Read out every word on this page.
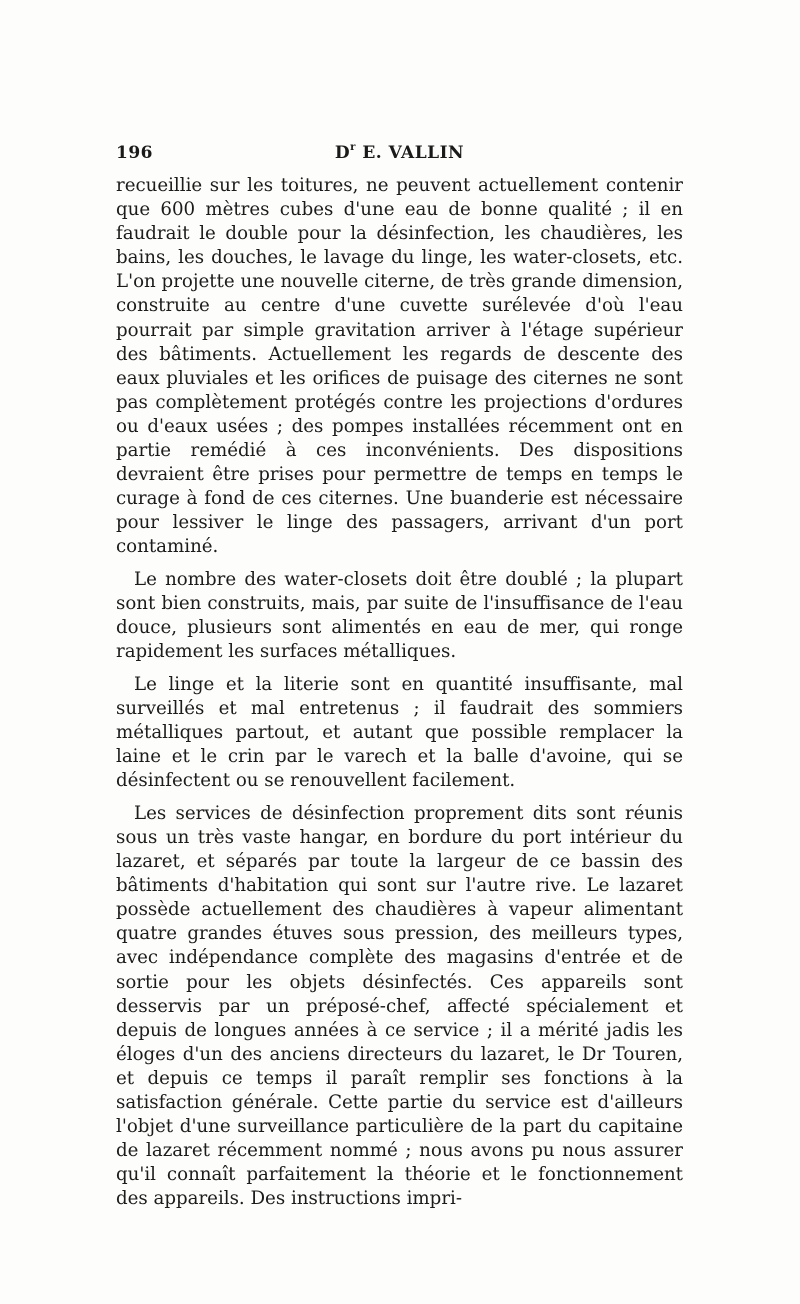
196	$D^r$ E. VALLIN

recueillie sur les toitures, ne peuvent actuellement contenir que 600 mètres cubes d'une eau de bonne qualité ; il en faudrait le double pour la désinfection, les chaudières, les bains, les douches, le lavage du linge, les water-closets, etc. L'on projette une nouvelle citerne, de très grande dimension, construite au centre d'une cuvette surélevée d'où l'eau pourrait par simple gravitation arriver à l'étage supérieur des bâtiments. Actuellement les regards de descente des eaux pluviales et les orifices de puisage des citernes ne sont pas complètement protégés contre les projections d'ordures ou d'eaux usées ; des pompes installées récemment ont en partie remédié à ces inconvénients. Des dispositions devraient être prises pour permettre de temps en temps le curage à fond de ces citernes. Une buanderie est nécessaire pour lessiver le linge des passagers, arrivant d'un port contaminé.

Le nombre des water-closets doit être doublé ; la plupart sont bien construits, mais, par suite de l'insuffisance de l'eau douce, plusieurs sont alimentés en eau de mer, qui ronge rapidement les surfaces métalliques.

Le linge et la literie sont en quantité insuffisante, mal surveillés et mal entretenus ; il faudrait des sommiers métalliques partout, et autant que possible remplacer la laine et le crin par le varech et la balle d'avoine, qui se désinfectent ou se renouvellent facilement.

Les services de désinfection proprement dits sont réunis sous un très vaste hangar, en bordure du port intérieur du lazaret, et séparés par toute la largeur de ce bassin des bâtiments d'habitation qui sont sur l'autre rive. Le lazaret possède actuellement des chaudières à vapeur alimentant quatre grandes étuves sous pression, des meilleurs types, avec indépendance complète des magasins d'entrée et de sortie pour les objets désinfectés. Ces appareils sont desservis par un préposé-chef, affecté spécialement et depuis de longues années à ce service ; il a mérité jadis les éloges d'un des anciens directeurs du lazaret, le Dr Touren, et depuis ce temps il paraît remplir ses fonctions à la satisfaction générale. Cette partie du service est d'ailleurs l'objet d'une surveillance particulière de la part du capitaine de lazaret récemment nommé ; nous avons pu nous assurer qu'il connaît parfaitement la théorie et le fonctionnement des appareils. Des instructions impri-
